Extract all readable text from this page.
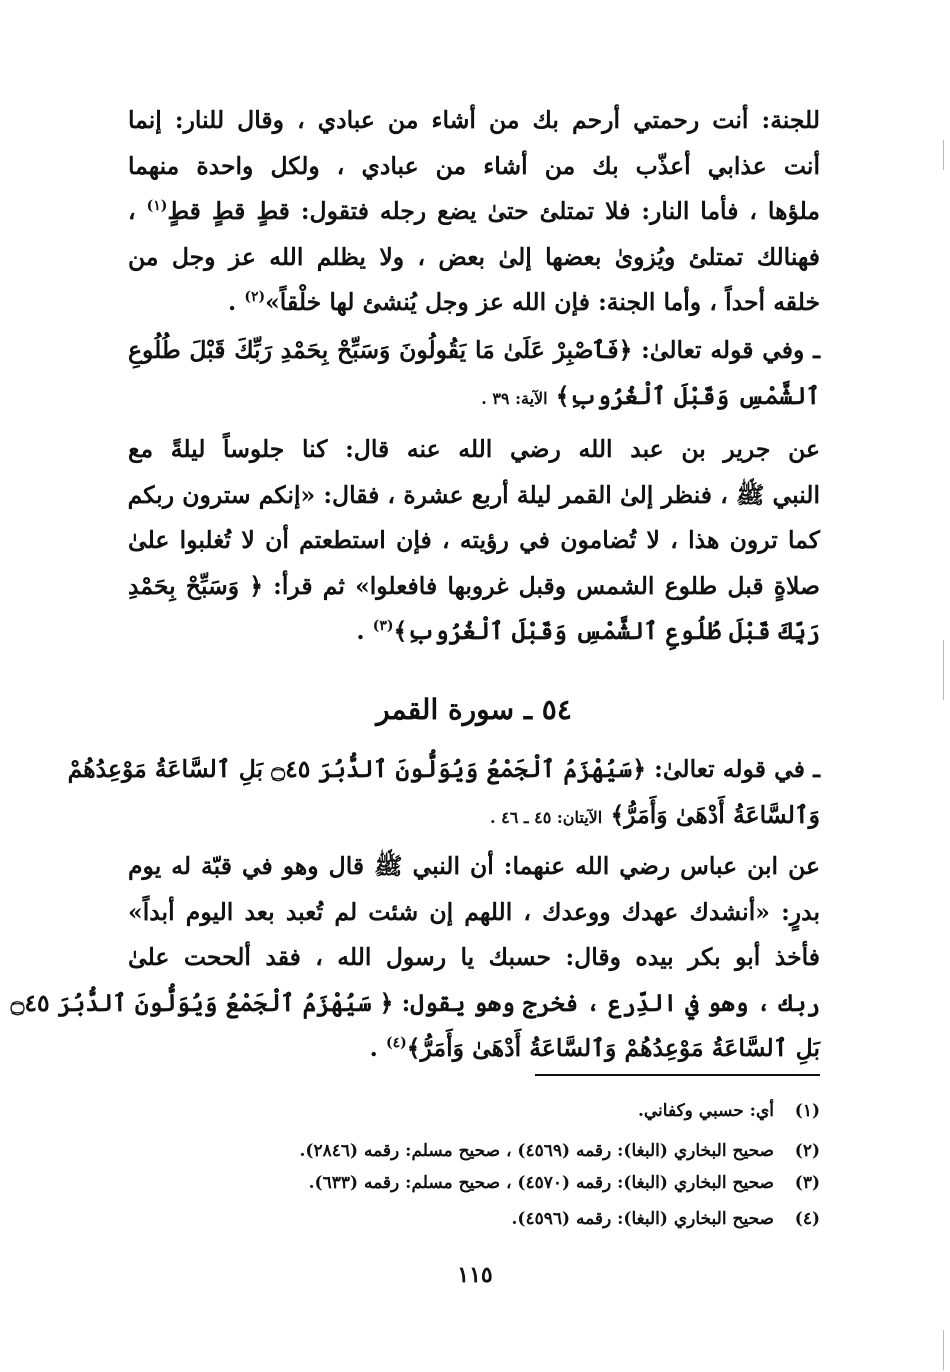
للجنة: أنت رحمتي أرحم بك من أشاء من عبادي ، وقال للنار: إنما
أنت عذابي أعذّب بك من أشاء من عبادي ، ولكل واحدة منهما
ملؤها ، فأما النار: فلا تمتلئ حتىٰ يضع رجله فتقول: قطٍ قطٍ قطٍ$^{(١)}$ ،
فهنالك تمتلئ ويُزوىٰ بعضها إلىٰ بعض ، ولا يظلم الله عز وجل من
خلقه أحداً ، وأما الجنة: فإن الله عز وجل يُنشئ لها خلْقاً»$^{(٢)}$ .
ـ وفي قوله تعالىٰ: ﴿فَٱصْبِرْ عَلَىٰ مَا يَقُولُونَ وَسَبِّحْ بِحَمْدِ رَبِّكَ قَبْلَ طُلُوعِ
ٱلشَّمْسِ وَقَبْلَ ٱلْغُرُوبِ﴾ الآية: ٣٩ .
عن جرير بن عبد الله رضي الله عنه قال: كنا جلوساً ليلةً مع
النبي ﷺ ، فنظر إلىٰ القمر ليلة أربع عشرة ، فقال: «إنكم سترون ربكم
كما ترون هذا ، لا تُضامون في رؤيته ، فإن استطعتم أن لا تُغلبوا علىٰ
صلاةٍ قبل طلوع الشمس وقبل غروبها فافعلوا» ثم قرأ: ﴿ وَسَبِّحْ بِحَمْدِ
رَبِّكَ قَبْلَ طُلُوعِ ٱلشَّمْسِ وَقَبْلَ ٱلْغُرُوبِ﴾$^{(٣)}$ .
٥٤ ـ سورة القمر
ـ في قوله تعالىٰ: ﴿سَيُهْزَمُ ٱلْجَمْعُ وَيُوَلُّونَ ٱلدُّبُرَ ۝٤٥ بَلِ ٱلسَّاعَةُ مَوْعِدُهُمْ
وَٱلسَّاعَةُ أَدْهَىٰ وَأَمَرُّ﴾ الآيتان: ٤٥ ـ ٤٦ .
عن ابن عباس رضي الله عنهما: أن النبي ﷺ قال وهو في قبّة له يوم
بدرٍ: «أنشدك عهدك ووعدك ، اللهم إن شئت لم تُعبد بعد اليوم أبداً»
فأخذ أبو بكر بيده وقال: حسبك يا رسول الله ، فقد ألححت علىٰ
ربك ، وهو في الدِّرع ، فخرج وهو يقول: ﴿ سَيُهْزَمُ ٱلْجَمْعُ وَيُوَلُّونَ ٱلدُّبُرَ ۝٤٥
بَلِ ٱلسَّاعَةُ مَوْعِدُهُمْ وَٱلسَّاعَةُ أَدْهَىٰ وَأَمَرُّ﴾$^{(٤)}$ .
(١)أي: حسبي وكفاني.
(٢)صحيح البخاري (البغا): رقمه (٤٥٦٩) ، صحيح مسلم: رقمه (٢٨٤٦).
(٣)صحيح البخاري (البغا): رقمه (٤٥٧٠) ، صحيح مسلم: رقمه (٦٣٣).
(٤)صحيح البخاري (البغا): رقمه (٤٥٩٦).
١١٥
